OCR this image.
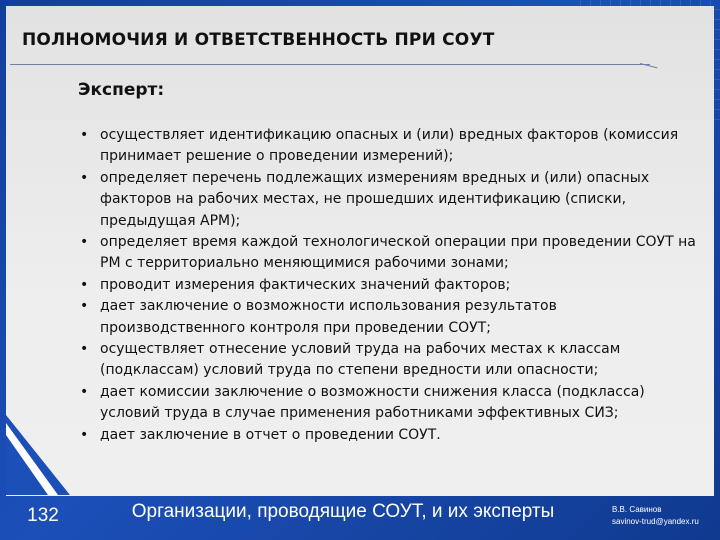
ПОЛНОМОЧИЯ И ОТВЕТСТВЕННОСТЬ ПРИ СОУТ
Эксперт:
• осуществляет идентификацию опасных и (или) вредных факторов (комиссия принимает решение о проведении измерений);
• определяет перечень подлежащих измерениям вредных и (или) опасных факторов на рабочих местах, не прошедших идентификацию (списки, предыдущая АРМ);
• определяет время каждой технологической операции при проведении СОУТ на РМ с территориально меняющимися рабочими зонами;
• проводит измерения фактических значений факторов;
• дает заключение о возможности использования результатов производственного контроля при проведении СОУТ;
• осуществляет отнесение условий труда на рабочих местах к классам (подклассам) условий труда по степени вредности или опасности;
• дает комиссии заключение о возможности снижения класса (подкласса) условий труда в случае применения работниками эффективных СИЗ;
• дает заключение в отчет о проведении СОУТ.
132	Организации, проводящие СОУТ, и их эксперты	В.В. Савинов
savinov-trud@yandex.ru
